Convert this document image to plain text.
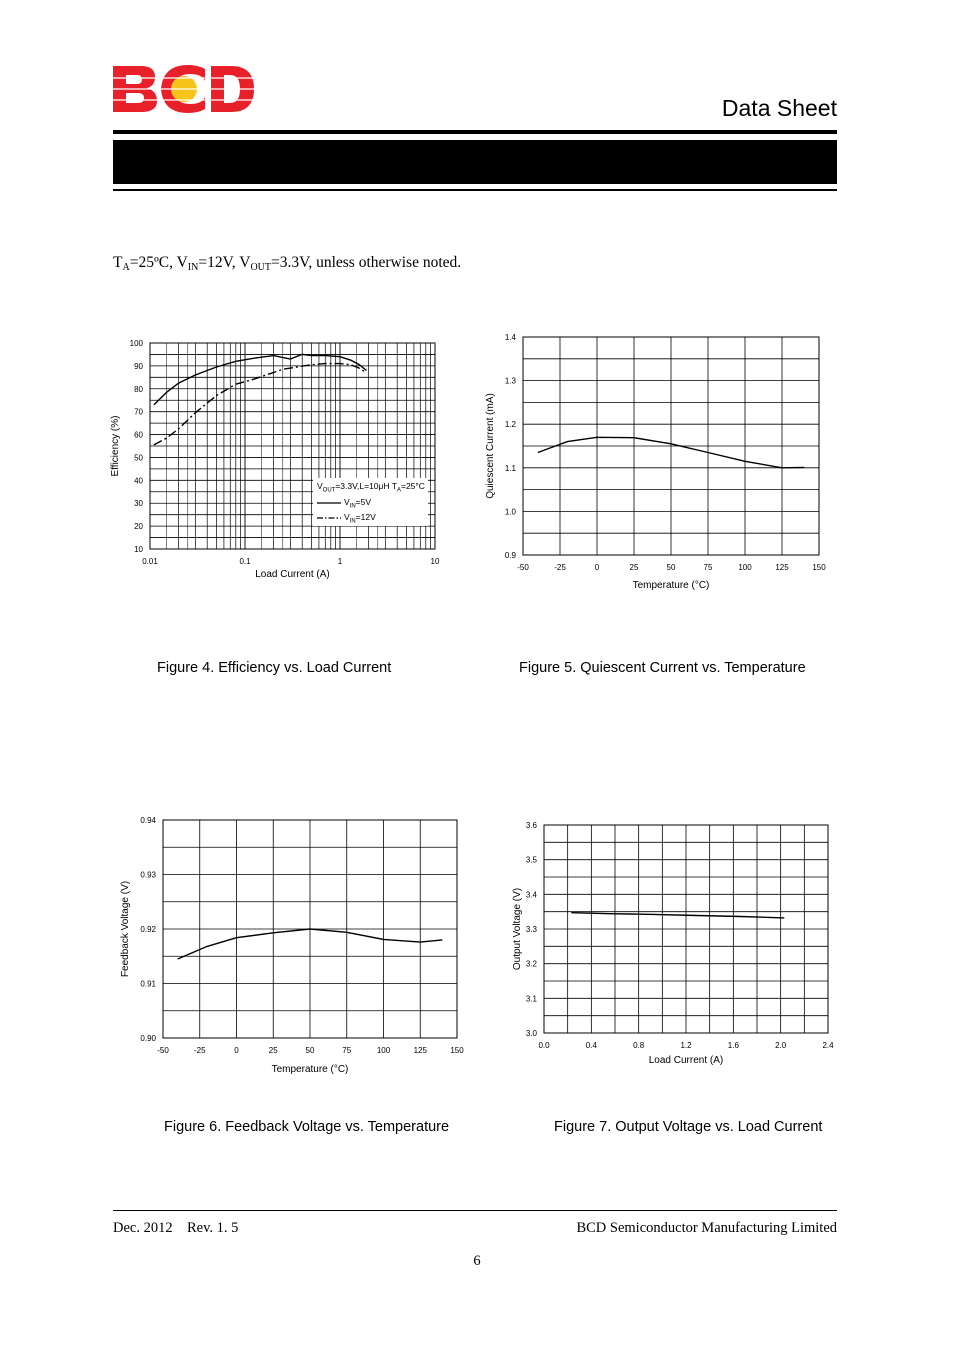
Data Sheet
$T_A=25ºC$, $V_{IN}=12V$, $V_{OUT}=3.3V$, unless otherwise noted.
0.01	0.1	1	10
10
20
30
40
50
60
70
80
90
100
Load Current (A)
Efficiency (%)
-50	-25	0	25	50	75	100	125	150
0.9
1.0
1.1
1.2
1.3
1.4
Temperature (°C)
Quiescent Current (mA)
-50	-25	0	25	50	75	100	125	150
0.90
0.91
0.92
0.93
0.94
Temperature (°C)
Feedback Voltage (V)
0.0	0.4	0.8	1.2	1.6	2.0	2.4
3.0
3.1
3.2
3.3
3.4
3.5
3.6
Load Current (A)
Output Voltage (V)
$V_{OUT}=3.3V,L=10\mu H$ $T_A=25^\circ C$
$V_{IN}=5V$
$V_{IN}=12V$
Figure 4. Efficiency vs. Load Current	Figure 5. Quiescent Current vs. Temperature
Figure 6. Feedback Voltage vs. Temperature	Figure 7. Output Voltage vs. Load Current
Dec. 2012 Rev. 1. 5	BCD Semiconductor Manufacturing Limited
6
